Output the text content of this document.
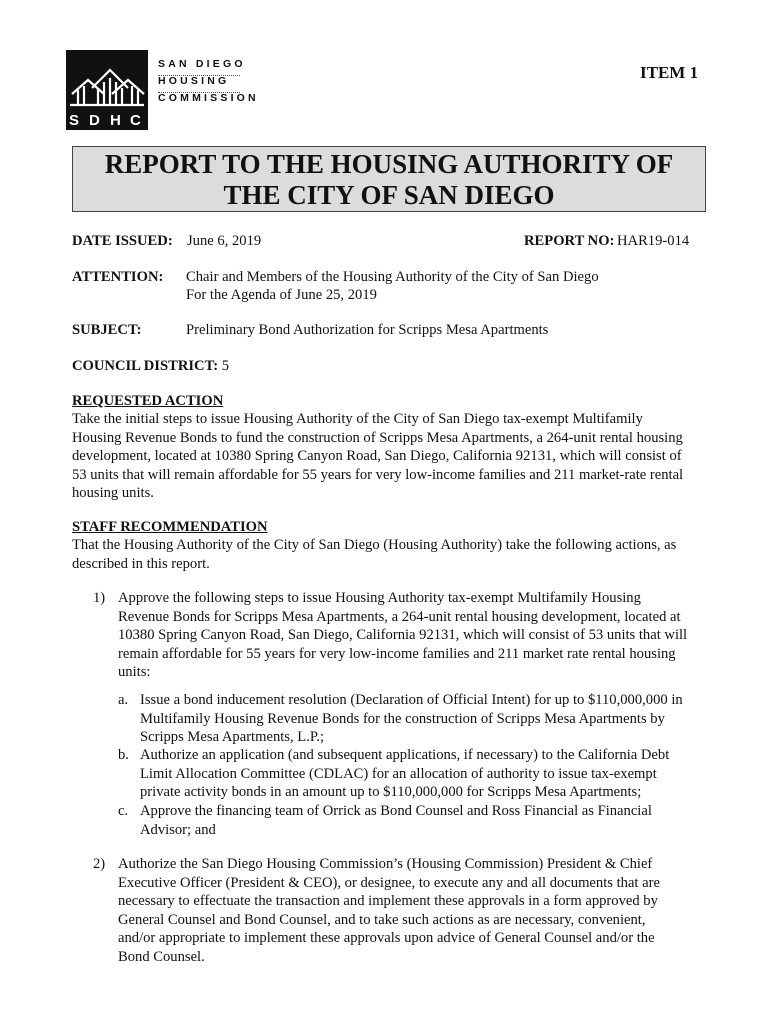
S D H C
SAN DIEGO
HOUSING
COMMISSION
ITEM 1
REPORT TO THE HOUSING AUTHORITY OF
THE CITY OF SAN DIEGO
DATE ISSUED: June 6, 2019	REPORT NO: HAR19-014
ATTENTION: Chair and Members of the Housing Authority of the City of San Diego
For the Agenda of June 25, 2019
SUBJECT:	Preliminary Bond Authorization for Scripps Mesa Apartments
COUNCIL DISTRICT: 5
REQUESTED ACTION
Take the initial steps to issue Housing Authority of the City of San Diego tax-exempt Multifamily
Housing Revenue Bonds to fund the construction of Scripps Mesa Apartments, a 264-unit rental housing
development, located at 10380 Spring Canyon Road, San Diego, California 92131, which will consist of
53 units that will remain affordable for 55 years for very low-income families and 211 market-rate rental
housing units.
STAFF RECOMMENDATION
That the Housing Authority of the City of San Diego (Housing Authority) take the following actions, as
described in this report.
1) Approve the following steps to issue Housing Authority tax-exempt Multifamily Housing
Revenue Bonds for Scripps Mesa Apartments, a 264-unit rental housing development, located at
10380 Spring Canyon Road, San Diego, California 92131, which will consist of 53 units that will
remain affordable for 55 years for very low-income families and 211 market rate rental housing
units:
a. Issue a bond inducement resolution (Declaration of Official Intent) for up to $110,000,000 in
Multifamily Housing Revenue Bonds for the construction of Scripps Mesa Apartments by
Scripps Mesa Apartments, L.P.;
b. Authorize an application (and subsequent applications, if necessary) to the California Debt
Limit Allocation Committee (CDLAC) for an allocation of authority to issue tax-exempt
private activity bonds in an amount up to $110,000,000 for Scripps Mesa Apartments;
c. Approve the financing team of Orrick as Bond Counsel and Ross Financial as Financial
Advisor; and
2) Authorize the San Diego Housing Commission’s (Housing Commission) President & Chief
Executive Officer (President & CEO), or designee, to execute any and all documents that are
necessary to effectuate the transaction and implement these approvals in a form approved by
General Counsel and Bond Counsel, and to take such actions as are necessary, convenient,
and/or appropriate to implement these approvals upon advice of General Counsel and/or the
Bond Counsel.
